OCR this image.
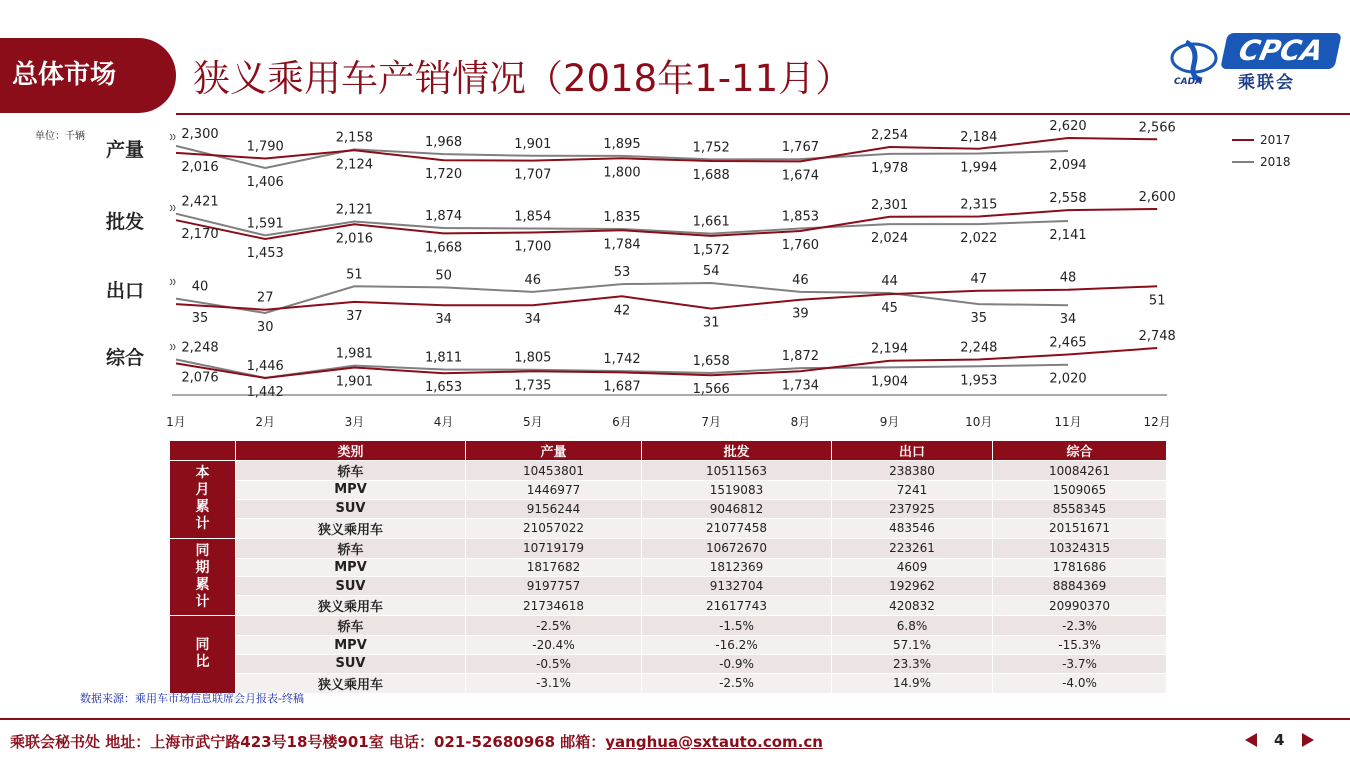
总体市场	狭义乘用车产销情况（2018年1-11月）	CADA
CPCA
乘联会
单位：千辆
产量
2,300
1,790
2,158	1,968	1,901	1,895	1,752	1,767
2,254	2,184
2,620	2,566
2,016
1,406
2,124
1,720	1,707	1,800	1,688	1,674	1,978	1,994	2,094
批发
2,421
1,591
2,121	1,874	1,854	1,835	1,661	1,853
2,301	2,315	2,558	2,600
2,170
1,453
2,016
1,668	1,700	1,784	1,572	1,760	2,024	2,022	2,141
出口	40
27
51	50	46
53	54
46	44	47	48
35
30
37	34	34
42
31
39	45
35	34
51
综合	2,248
1,446
1,981	1,811	1,805	1,742	1,658	1,872	2,194	2,248	2,465	2,748
2,076
1,442
1,901	1,653	1,735	1,687	1,566	1,734	1,904	1,953	2,020
1月	2月	3月	4月	5月	6月	7月	8月	9月	10月	11月	12月
2017
2018
	类别	产量	批发	出口	综合

本
月
累
计	轿车	10453801	10511563	238380	10084261
	MPV	1446977	1519083	7241	1509065
	SUV	9156244	9046812	237925	8558345
	狭义乘用车	21057022	21077458	483546	20151671

同
期
累
计	轿车	10719179	10672670	223261	10324315
	MPV	1817682	1812369	4609	1781686
	SUV	9197757	9132704	192962	8884369
	狭义乘用车	21734618	21617743	420832	20990370

同
比	轿车	-2.5%	-1.5%	6.8%	-2.3%
	MPV	-20.4%	-16.2%	57.1%	-15.3%
	SUV	-0.5%	-0.9%	23.3%	-3.7%
	狭义乘用车	-3.1%	-2.5%	14.9%	-4.0%
数据来源：乘用车市场信息联席会月报表-终稿
乘联会秘书处 地址：上海市武宁路423号18号楼901室 电话：021-52680968 邮箱：yanghua@sxtauto.com.cn	4
